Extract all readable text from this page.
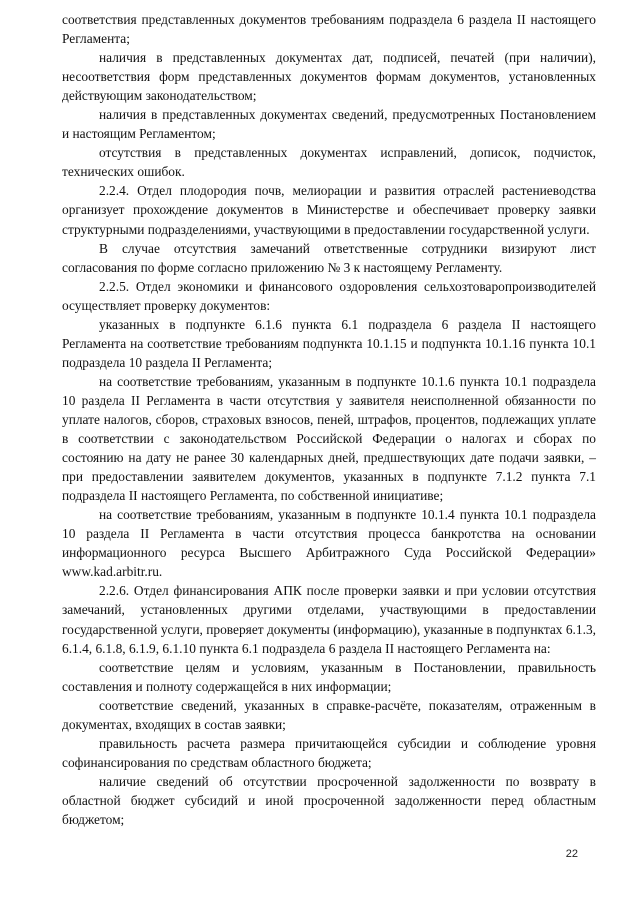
соответствия представленных документов требованиям подраздела 6 раздела II настоящего Регламента;

наличия в представленных документах дат, подписей, печатей (при наличии), несоответствия форм представленных документов формам документов, установленных действующим законодательством;

наличия в представленных документах сведений, предусмотренных Постановлением и настоящим Регламентом;

отсутствия в представленных документах исправлений, дописок, подчисток, технических ошибок.

2.2.4. Отдел плодородия почв, мелиорации и развития отраслей растениеводства организует прохождение документов в Министерстве и обеспечивает проверку заявки структурными подразделениями, участвующими в предоставлении государственной услуги.

В случае отсутствия замечаний ответственные сотрудники визируют лист согласования по форме согласно приложению № 3 к настоящему Регламенту.

2.2.5. Отдел экономики и финансового оздоровления сельхозтоваропроизводителей осуществляет проверку документов:

указанных в подпункте 6.1.6 пункта 6.1 подраздела 6 раздела II настоящего Регламента на соответствие требованиям подпункта 10.1.15 и подпункта 10.1.16 пункта 10.1 подраздела 10 раздела II Регламента;

на соответствие требованиям, указанным в подпункте 10.1.6 пункта 10.1 подраздела 10 раздела II Регламента в части отсутствия у заявителя неисполненной обязанности по уплате налогов, сборов, страховых взносов, пеней, штрафов, процентов, подлежащих уплате в соответствии с законодательством Российской Федерации о налогах и сборах по состоянию на дату не ранее 30 календарных дней, предшествующих дате подачи заявки, – при предоставлении заявителем документов, указанных в подпункте 7.1.2 пункта 7.1 подраздела II настоящего Регламента, по собственной инициативе;

на соответствие требованиям, указанным в подпункте 10.1.4 пункта 10.1 подраздела 10 раздела II Регламента в части отсутствия процесса банкротства на основании информационного ресурса Высшего Арбитражного Суда Российской Федерации» www.kad.arbitr.ru.

2.2.6. Отдел финансирования АПК после проверки заявки и при условии отсутствия замечаний, установленных другими отделами, участвующими в предоставлении государственной услуги, проверяет документы (информацию), указанные в подпунктах 6.1.3, 6.1.4, 6.1.8, 6.1.9, 6.1.10 пункта 6.1 подраздела 6 раздела II настоящего Регламента на:

соответствие целям и условиям, указанным в Постановлении, правильность составления и полноту содержащейся в них информации;

соответствие сведений, указанных в справке-расчёте, показателям, отраженным в документах, входящих в состав заявки;

правильность расчета размера причитающейся субсидии и соблюдение уровня софинансирования по средствам областного бюджета;

наличие сведений об отсутствии просроченной задолженности по возврату в областной бюджет субсидий и иной просроченной задолженности перед областным бюджетом;

22
